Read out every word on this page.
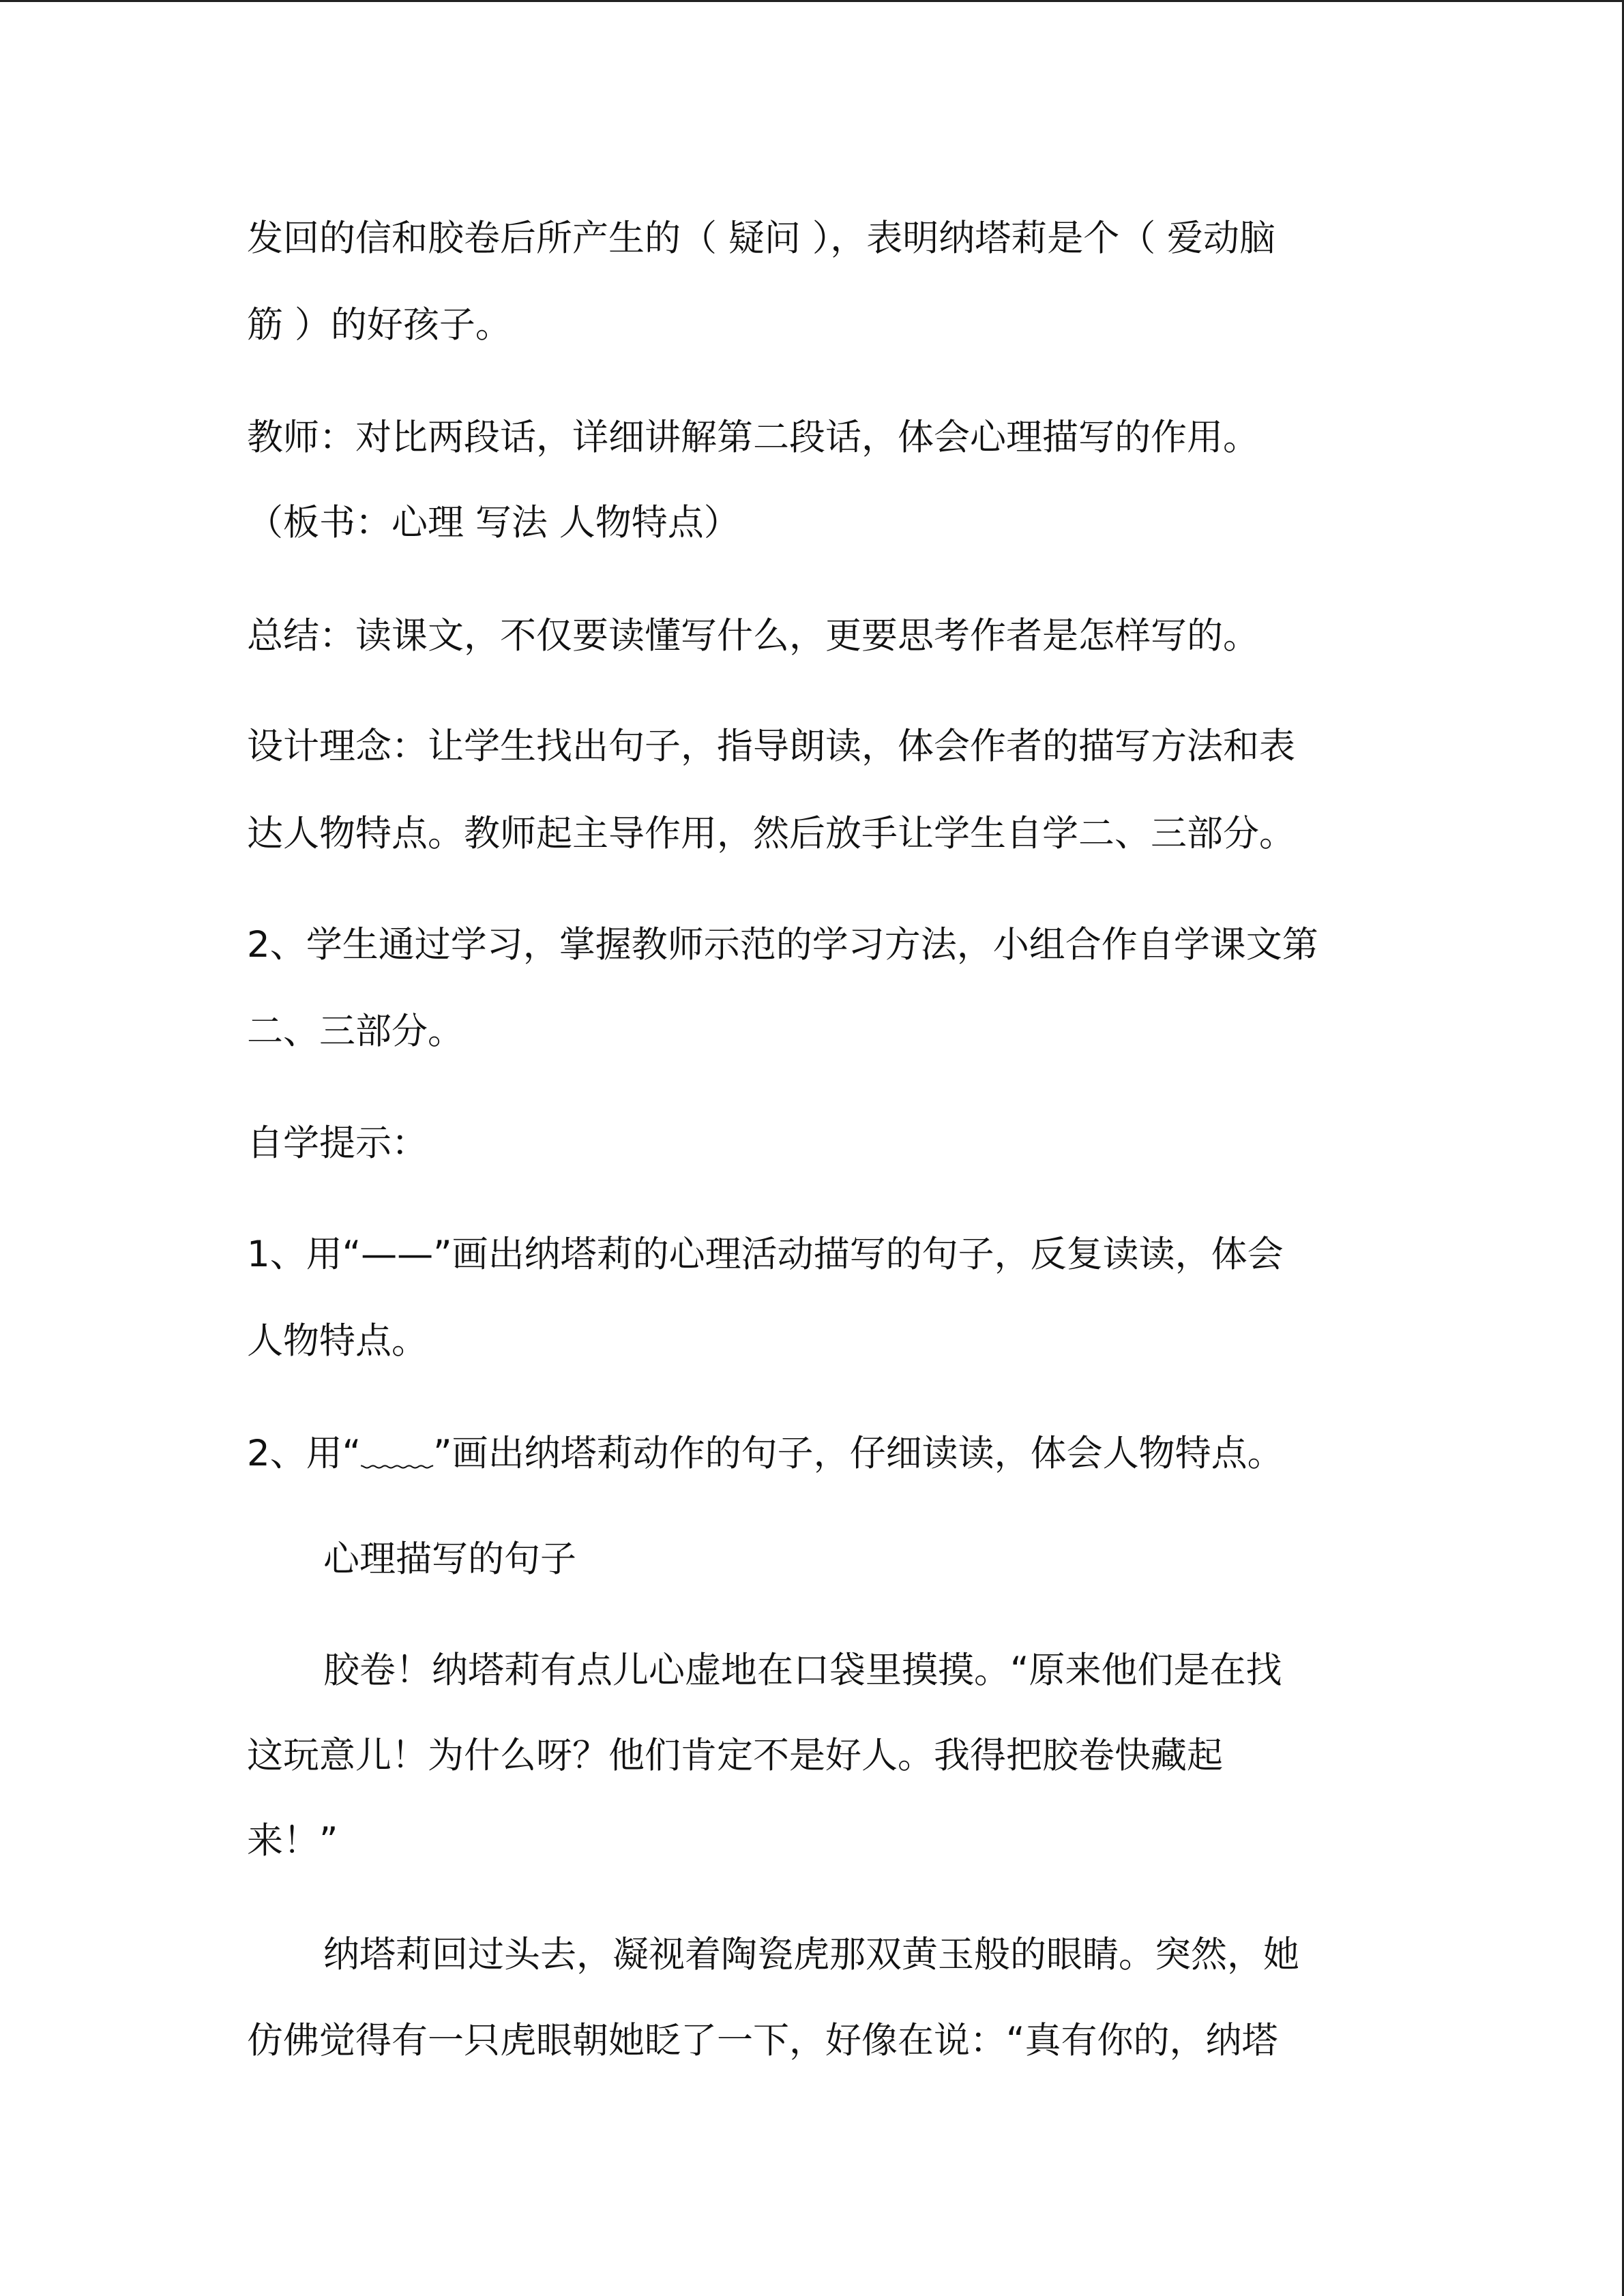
发回的信和胶卷后所产生的（ 疑问 ），表明纳塔莉是个（ 爱动脑
筋 ）的好孩子。
教师：对比两段话，详细讲解第二段话，体会心理描写的作用。
（板书：心理 写法 人物特点）
总结：读课文，不仅要读懂写什么，更要思考作者是怎样写的。
设计理念：让学生找出句子，指导朗读，体会作者的描写方法和表
达人物特点。教师起主导作用，然后放手让学生自学二、三部分。
2、学生通过学习，掌握教师示范的学习方法，小组合作自学课文第
二、三部分。
自学提示：
1、用“——”画出纳塔莉的心理活动描写的句子，反复读读，体会
人物特点。
2、用“﹏﹏”画出纳塔莉动作的句子，仔细读读，体会人物特点。
心理描写的句子
胶卷！纳塔莉有点儿心虚地在口袋里摸摸。“原来他们是在找
这玩意儿！为什么呀？他们肯定不是好人。我得把胶卷快藏起
来！”
纳塔莉回过头去，凝视着陶瓷虎那双黄玉般的眼睛。突然，她
仿佛觉得有一只虎眼朝她眨了一下，好像在说：“真有你的，纳塔
